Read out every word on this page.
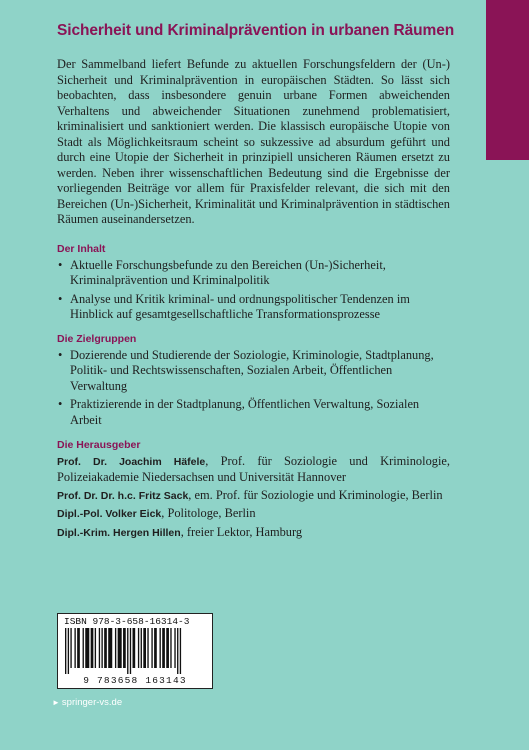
Sicherheit und Kriminalprävention in urbanen Räumen

Der Sammelband liefert Befunde zu aktuellen Forschungsfeldern der (Un-) Sicherheit und Kriminalprävention in europäischen Städten. So lässt sich beobachten, dass insbesondere genuin urbane Formen abweichenden Verhaltens und abweichender Situationen zunehmend problematisiert, kriminalisiert und sanktioniert werden. Die klassisch europäische Utopie von Stadt als Möglichkeitsraum scheint so sukzessive ad absurdum geführt und durch eine Utopie der Sicherheit in prinzipiell unsicheren Räumen ersetzt zu werden. Neben ihrer wissenschaftlichen Bedeutung sind die Ergebnisse der vorliegenden Beiträge vor allem für Praxisfelder relevant, die sich mit den Bereichen (Un-)Sicherheit, Kriminalität und Kriminalprävention in städtischen Räumen auseinandersetzen.

Der Inhalt
• Aktuelle Forschungsbefunde zu den Bereichen (Un-)Sicherheit, Kriminalprävention und Kriminalpolitik
• Analyse und Kritik kriminal- und ordnungspolitischer Tendenzen im Hinblick auf gesamtgesellschaftliche Transformationsprozesse
Die Zielgruppen
• Dozierende und Studierende der Soziologie, Kriminologie, Stadtplanung, Politik- und Rechtswissenschaften, Sozialen Arbeit, Öffentlichen Verwaltung
• Praktizierende in der Stadtplanung, Öffentlichen Verwaltung, Sozialen Arbeit
Die Herausgeber

Prof. Dr. Joachim Häfele, Prof. für Soziologie und Kriminologie, Polizeiakademie Niedersachsen und Universität Hannover

Prof. Dr. Dr. h.c. Fritz Sack, em. Prof. für Soziologie und Kriminologie, Berlin

Dipl.-Pol. Volker Eick, Politologe, Berlin

Dipl.-Krim. Hergen Hillen, freier Lektor, Hamburg

ISBN 978-3-658-16314-3
9 783658 163143
► springer-vs.de
